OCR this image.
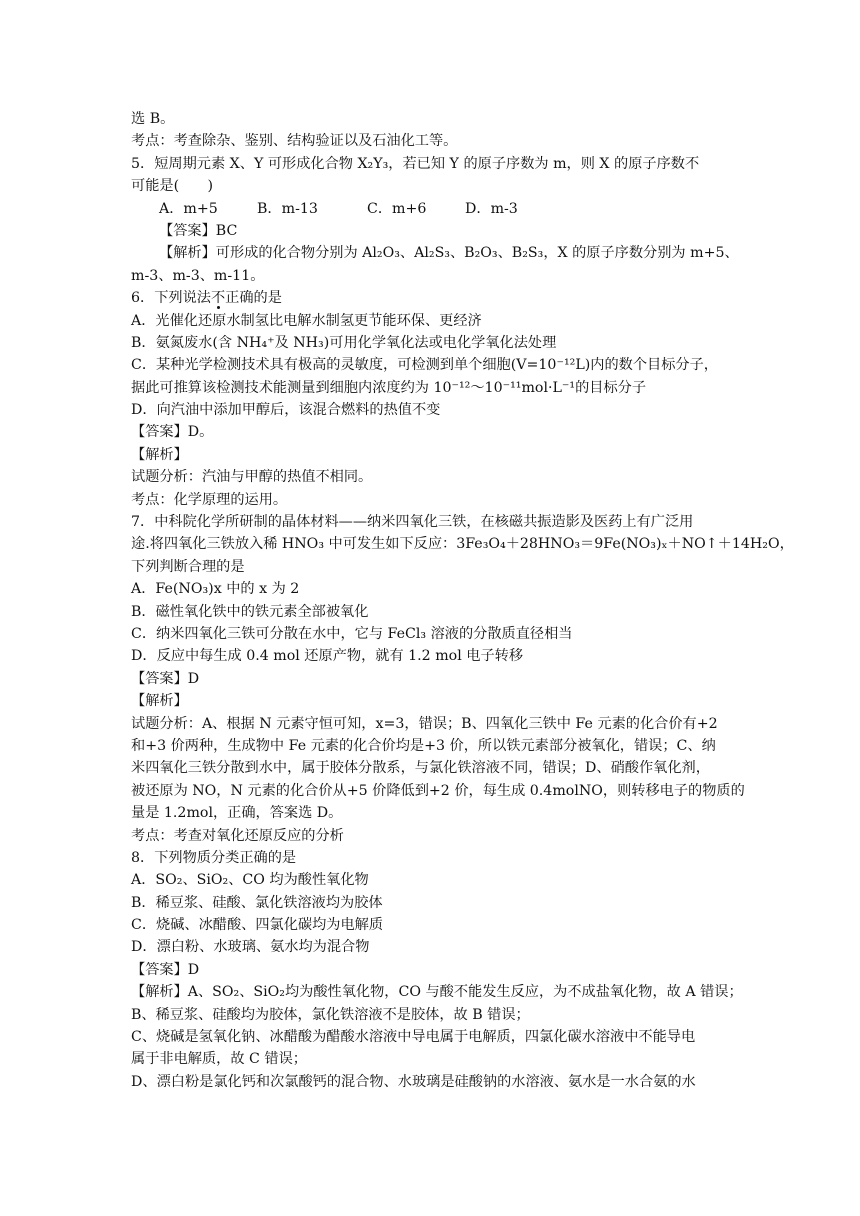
选 B。
考点：考查除杂、鉴别、结构验证以及石油化工等。
5．短周期元素 X、Y 可形成化合物 X₂Y₃，若已知 Y 的原子序数为 m，则 X 的原子序数不
可能是(　　)
A．m+5	B．m-13	C．m+6	D．m-3
【答案】BC
【解析】可形成的化合物分别为 Al₂O₃、Al₂S₃、B₂O₃、B₂S₃，X 的原子序数分别为 m+5、
m-3、m-3、m-11。
6．下列说法不正确的是
A．光催化还原水制氢比电解水制氢更节能环保、更经济
B．氨氮废水(含 NH₄⁺及 NH₃)可用化学氧化法或电化学氧化法处理
C．某种光学检测技术具有极高的灵敏度，可检测到单个细胞(V=10⁻¹²L)内的数个目标分子，
据此可推算该检测技术能测量到细胞内浓度约为 10⁻¹²～10⁻¹¹mol·L⁻¹的目标分子
D．向汽油中添加甲醇后，该混合燃料的热值不变
【答案】D。
【解析】
试题分析：汽油与甲醇的热值不相同。
考点：化学原理的运用。
7．中科院化学所研制的晶体材料——纳米四氧化三铁，在核磁共振造影及医药上有广泛用
途.将四氧化三铁放入稀 HNO₃ 中可发生如下反应：3Fe₃O₄＋28HNO₃＝9Fe(NO₃)ₓ＋NO↑＋14H₂O，
下列判断合理的是
A．Fe(NO₃)x 中的 x 为 2
B．磁性氧化铁中的铁元素全部被氧化
C．纳米四氧化三铁可分散在水中，它与 FeCl₃ 溶液的分散质直径相当
D．反应中每生成 0.4 mol 还原产物，就有 1.2 mol 电子转移
【答案】D
【解析】
试题分析：A、根据 N 元素守恒可知，x=3，错误；B、四氧化三铁中 Fe 元素的化合价有+2
和+3 价两种，生成物中 Fe 元素的化合价均是+3 价，所以铁元素部分被氧化，错误；C、纳
米四氧化三铁分散到水中，属于胶体分散系，与氯化铁溶液不同，错误；D、硝酸作氧化剂，
被还原为 NO，N 元素的化合价从+5 价降低到+2 价，每生成 0.4molNO，则转移电子的物质的
量是 1.2mol，正确，答案选 D。
考点：考查对氧化还原反应的分析
8．下列物质分类正确的是
A．SO₂、SiO₂、CO 均为酸性氧化物
B．稀豆浆、硅酸、氯化铁溶液均为胶体
C．烧碱、冰醋酸、四氯化碳均为电解质
D．漂白粉、水玻璃、氨水均为混合物
【答案】D
【解析】A、SO₂、SiO₂均为酸性氧化物，CO 与酸不能发生反应，为不成盐氧化物，故 A 错误；
B、稀豆浆、硅酸均为胶体，氯化铁溶液不是胶体，故 B 错误；
C、烧碱是氢氧化钠、冰醋酸为醋酸水溶液中导电属于电解质，四氯化碳水溶液中不能导电
属于非电解质，故 C 错误；
D、漂白粉是氯化钙和次氯酸钙的混合物、水玻璃是硅酸钠的水溶液、氨水是一水合氨的水
